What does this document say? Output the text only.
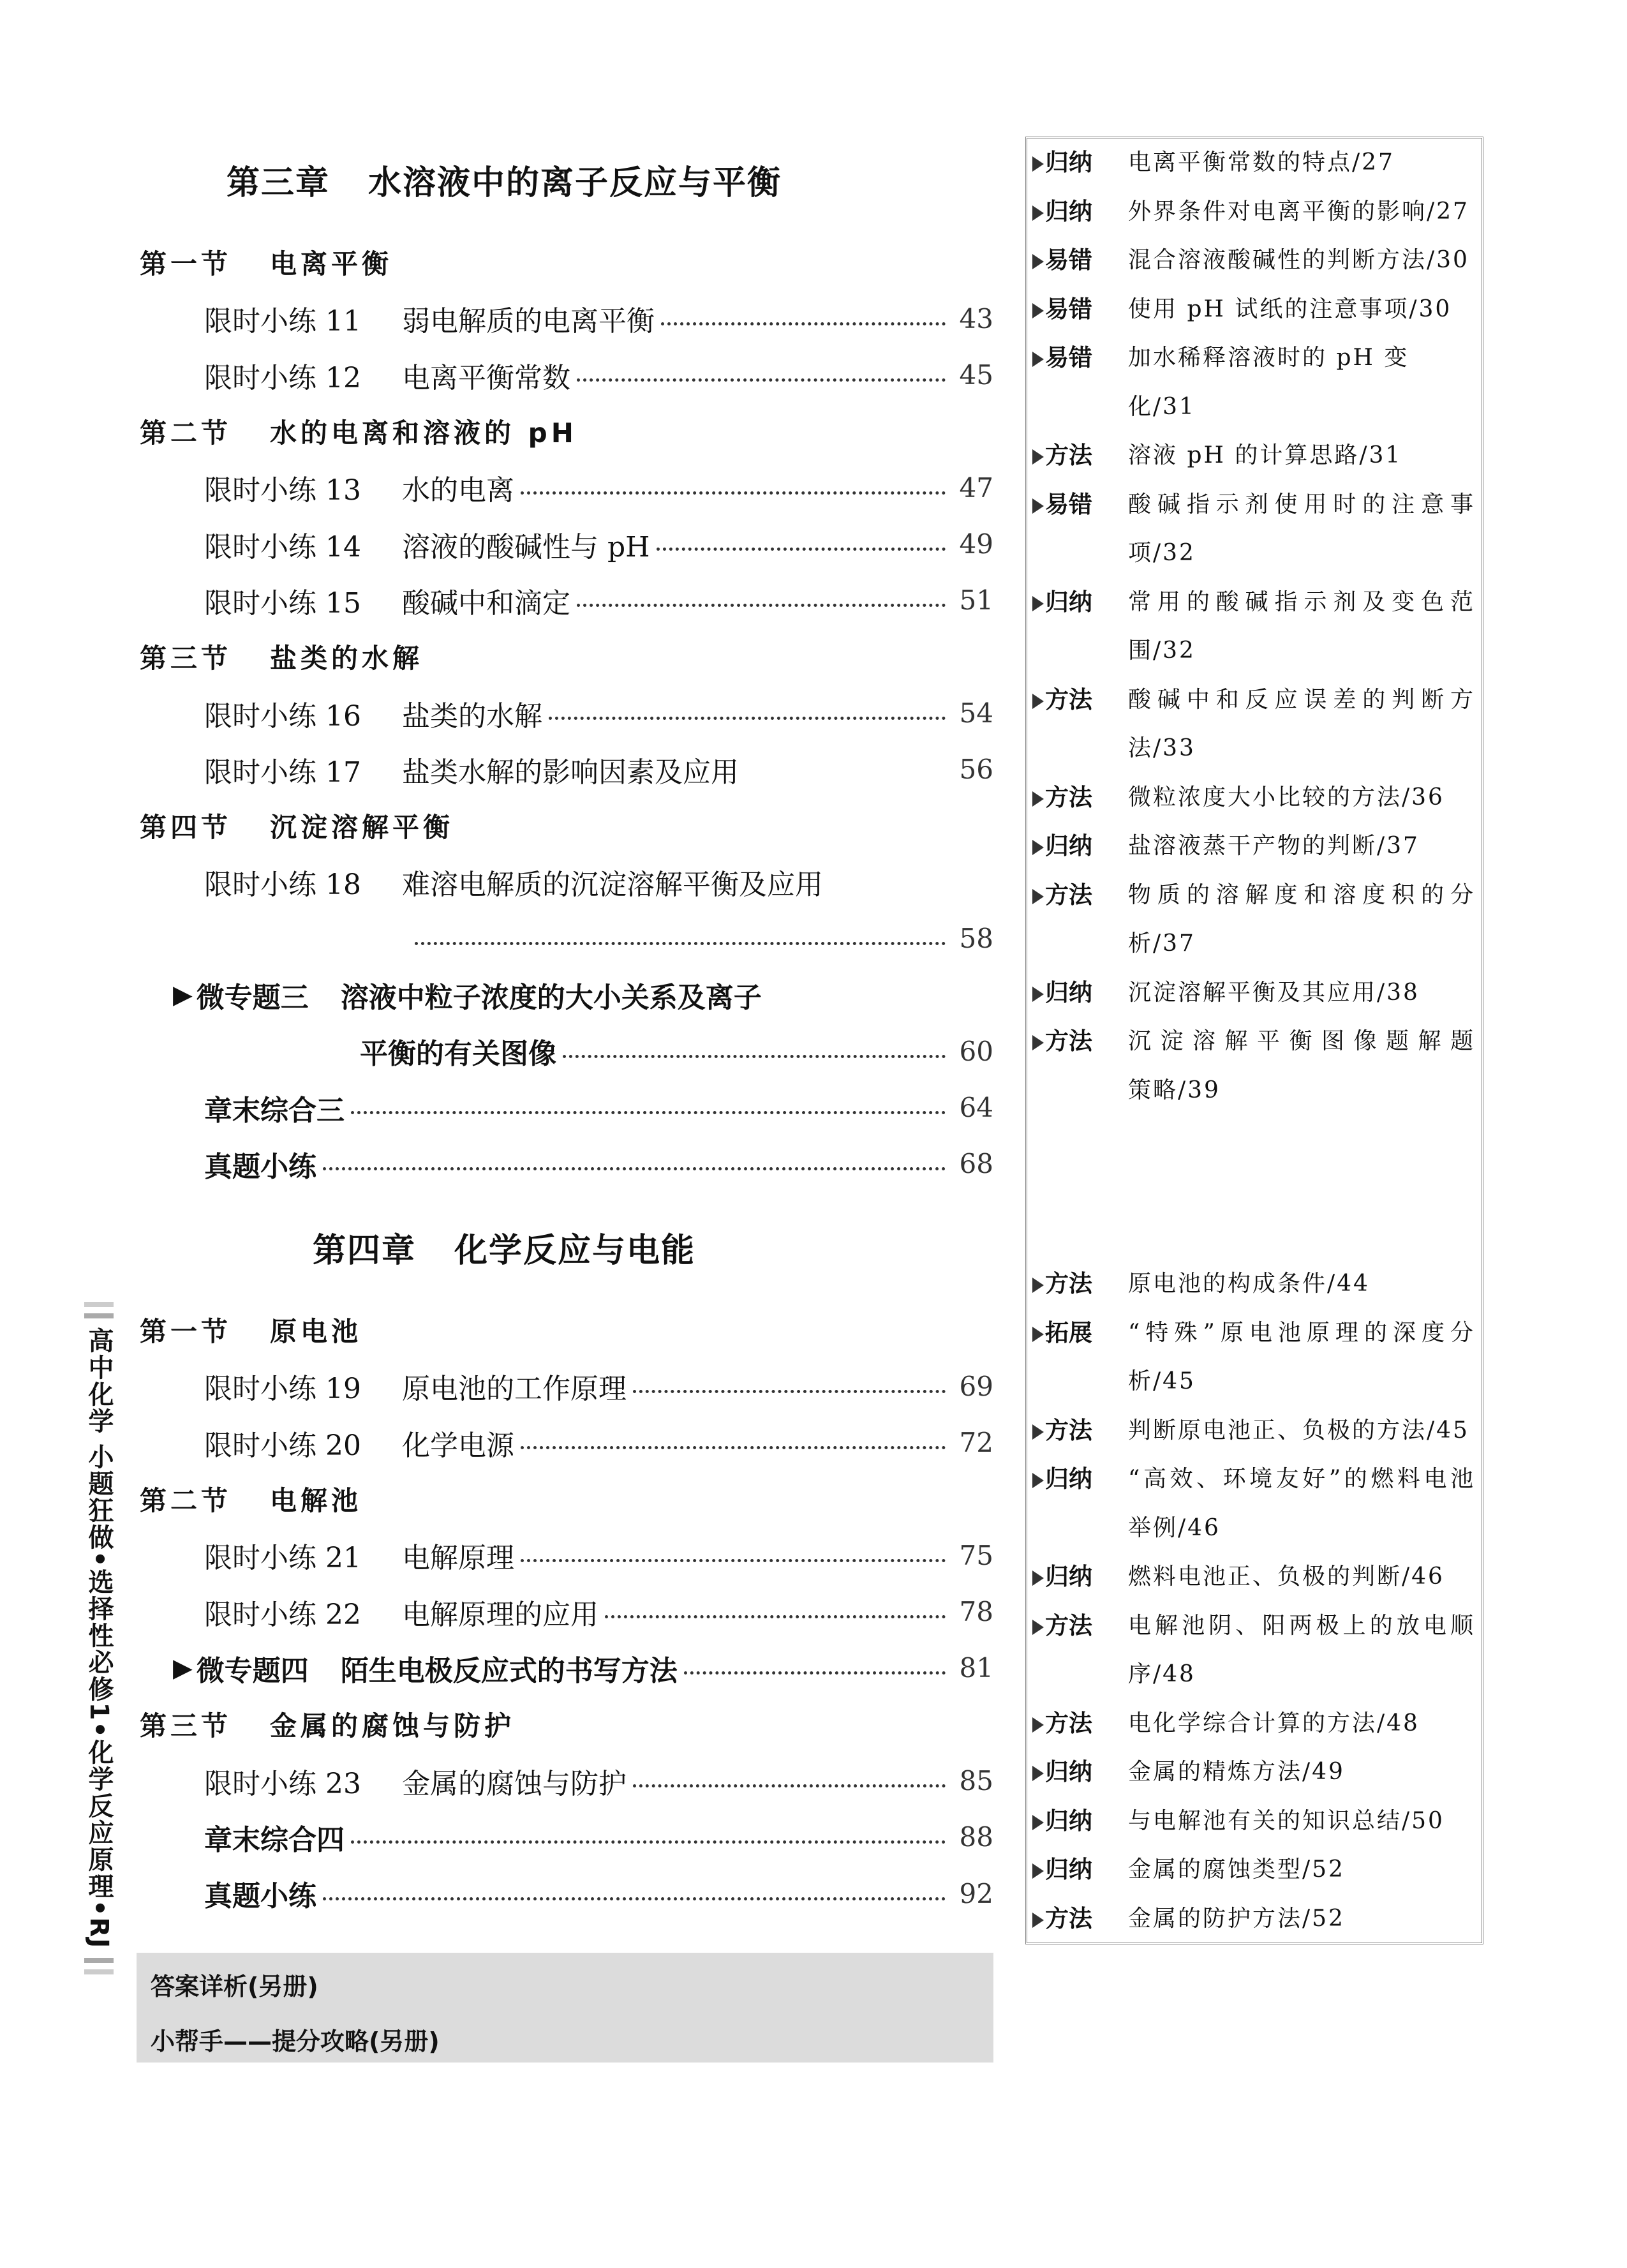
第三章 水溶液中的离子反应与平衡
第一节 电离平衡
限时小练 11	弱电解质的电离平衡	43
限时小练 12	电离平衡常数	45
第二节 水的电离和溶液的 pH
限时小练 13	水的电离	47
限时小练 14	溶液的酸碱性与 pH	49
限时小练 15	酸碱中和滴定	51
第三节 盐类的水解
限时小练 16	盐类的水解	54
限时小练 17	盐类水解的影响因素及应用	56
第四节 沉淀溶解平衡
限时小练 18	难溶电解质的沉淀溶解平衡及应用
58
▶ 微专题三 溶液中粒子浓度的大小关系及离子
平衡的有关图像	60
章末综合三	64
真题小练	68
第四章 化学反应与电能
第一节 原电池
限时小练 19	原电池的工作原理	69
限时小练 20	化学电源	72
第二节 电解池
限时小练 21	电解原理	75
限时小练 22	电解原理的应用	78
▶ 微专题四 陌生电极反应式的书写方法	81
第三节 金属的腐蚀与防护
限时小练 23	金属的腐蚀与防护	85
章末综合四	88
真题小练	92
归纳	电离平衡常数的特点/27
归纳	外界条件对电离平衡的影响/27
易错	混合溶液酸碱性的判断方法/30
易错	使用 pH 试纸的注意事项/30
易错	加水稀释溶液时的 pH 变化/31
方法	溶液 pH 的计算思路/31
易错	酸碱指示剂使用时的注意事
项/32
归纳	常用的酸碱指示剂及变色范
围/32
方法	酸碱中和反应误差的判断方
法/33
方法	微粒浓度大小比较的方法/36
归纳	盐溶液蒸干产物的判断/37
方法	物质的溶解度和溶度积的分
析/37
归纳	沉淀溶解平衡及其应用/38
方法	沉淀溶解平衡图像题解题
策略/39
方法	原电池的构成条件/44
拓展	“特殊”原电池原理的深度分
析/45
方法	判断原电池正、负极的方法/45
归纳	“高效、环境友好”的燃料电池
举例/46
归纳	燃料电池正、负极的判断/46
方法	电解池阴、阳两极上的放电顺
序/48
方法	电化学综合计算的方法/48
归纳	金属的精炼方法/49
归纳	与电解池有关的知识总结/50
归纳	金属的腐蚀类型/52
方法	金属的防护方法/52
高中化学
小题狂做•选择性必修1•化学反应原理•RJ
答案详析(另册)
小帮手——提分攻略(另册)
